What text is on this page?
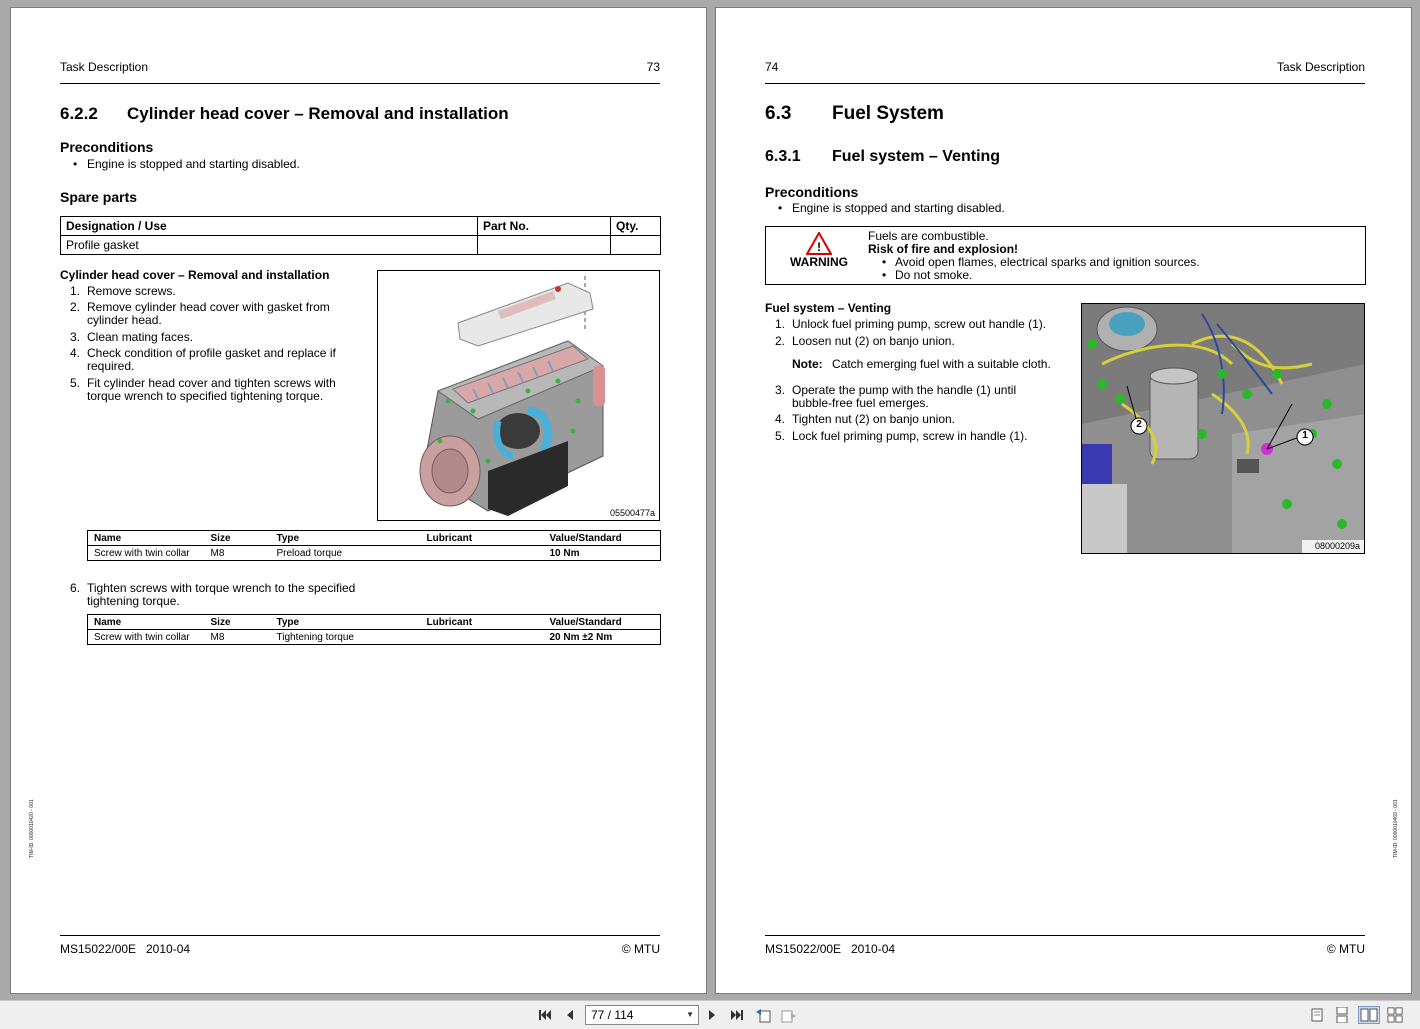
Task Description	73
6.2.2 Cylinder head cover – Removal and installation
Preconditions
• Engine is stopped and starting disabled.
Spare parts
Designation / Use	Part No.	Qty.
Profile gasket		
Cylinder head cover – Removal and installation
1. Remove screws.
2. Remove cylinder head cover with gasket from
cylinder head.
3. Clean mating faces.
4. Check condition of profile gasket and replace if
required.
5. Fit cylinder head cover and tighten screws with
torque wrench to specified tightening torque.
05500477a
Name	Size	Type	Lubricant	Value/Standard
Screw with twin collar	M8	Preload torque		10 Nm
6. Tighten screws with torque wrench to the specified
tightening torque.
Name	Size	Type	Lubricant	Value/Standard
Screw with twin collar	M8	Tightening torque		20 Nm ±2 Nm
TIM-ID: 0000010420 - 001
MS15022/00E 2010-04	© MTU
74	Task Description
6.3 Fuel System
6.3.1 Fuel system – Venting
Preconditions
• Engine is stopped and starting disabled.
!
WARNING
Fuels are combustible.
Risk of fire and explosion!
• Avoid open flames, electrical sparks and ignition sources.
• Do not smoke.
Fuel system – Venting
1. Unlock fuel priming pump, screw out handle (1).
2. Loosen nut (2) on banjo union.
Note: Catch emerging fuel with a suitable cloth.
3. Operate the pump with the handle (1) until
bubble-free fuel emerges.
4. Tighten nut (2) on banjo union.
5. Lock fuel priming pump, screw in handle (1).	1
2
08000209a
TIM-ID: 0000010469 - 001
MS15022/00E 2010-04	© MTU
77 / 114	▼
